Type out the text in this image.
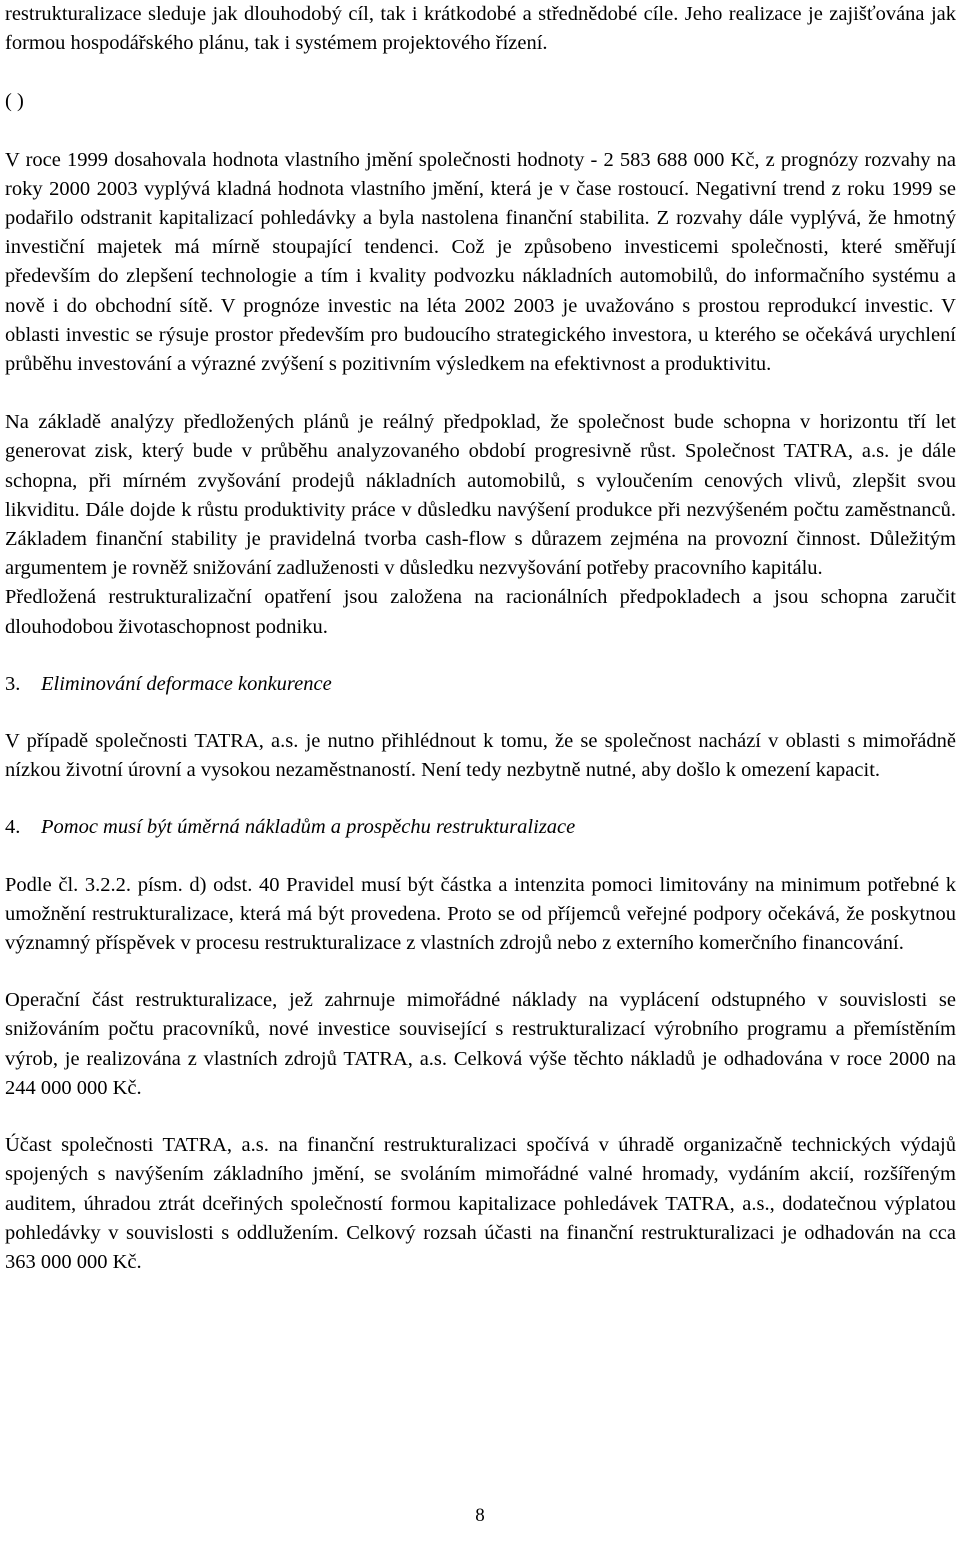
restrukturalizace sleduje jak dlouhodobý cíl, tak i krátkodobé a střednědobé cíle. Jeho realizace je zajišťována jak formou hospodářského plánu, tak i systémem projektového řízení.

( )

V roce 1999 dosahovala hodnota vlastního jmění společnosti hodnoty - 2 583 688 000 Kč, z prognózy rozvahy na roky 2000 2003 vyplývá kladná hodnota vlastního jmění, která je v čase rostoucí. Negativní trend z roku 1999 se podařilo odstranit kapitalizací pohledávky a byla nastolena finanční stabilita. Z rozvahy dále vyplývá, že hmotný investiční majetek má mírně stoupající tendenci. Což je způsobeno investicemi společnosti, které směřují především do zlepšení technologie a tím i kvality podvozku nákladních automobilů, do informačního systému a nově i do obchodní sítě. V prognóze investic na léta 2002 2003 je uvažováno s prostou reprodukcí investic. V oblasti investic se rýsuje prostor především pro budoucího strategického investora, u kterého se očekává urychlení průběhu investování a výrazné zvýšení s pozitivním výsledkem na efektivnost a produktivitu.

Na základě analýzy předložených plánů je reálný předpoklad, že společnost bude schopna v horizontu tří let generovat zisk, který bude v průběhu analyzovaného období progresivně růst. Společnost TATRA, a.s. je dále schopna, při mírném zvyšování prodejů nákladních automobilů, s vyloučením cenových vlivů, zlepšit svou likviditu. Dále dojde k růstu produktivity práce v důsledku navýšení produkce při nezvýšeném počtu zaměstnanců. Základem finanční stability je pravidelná tvorba cash-flow s důrazem zejména na provozní činnost. Důležitým argumentem je rovněž snižování zadluženosti v důsledku nezvyšování potřeby pracovního kapitálu.

Předložená restrukturalizační opatření jsou založena na racionálních předpokladech a jsou schopna zaručit dlouhodobou životaschopnost podniku.

3. Eliminování deformace konkurence

V případě společnosti TATRA, a.s. je nutno přihlédnout k tomu, že se společnost nachází v oblasti s mimořádně nízkou životní úrovní a vysokou nezaměstnaností. Není tedy nezbytně nutné, aby došlo k omezení kapacit.

4. Pomoc musí být úměrná nákladům a prospěchu restrukturalizace

Podle čl. 3.2.2. písm. d) odst. 40 Pravidel musí být částka a intenzita pomoci limitovány na minimum potřebné k umožnění restrukturalizace, která má být provedena. Proto se od příjemců veřejné podpory očekává, že poskytnou významný příspěvek v procesu restrukturalizace z vlastních zdrojů nebo z externího komerčního financování.

Operační část restrukturalizace, jež zahrnuje mimořádné náklady na vyplácení odstupného v souvislosti se snižováním počtu pracovníků, nové investice související s restrukturalizací výrobního programu a přemístěním výrob, je realizována z vlastních zdrojů TATRA, a.s. Celková výše těchto nákladů je odhadována v roce 2000 na 244 000 000 Kč.

Účast společnosti TATRA, a.s. na finanční restrukturalizaci spočívá v úhradě organizačně technických výdajů spojených s navýšením základního jmění, se svoláním mimořádné valné hromady, vydáním akcií, rozšířeným auditem, úhradou ztrát dceřiných společností formou kapitalizace pohledávek TATRA, a.s., dodatečnou výplatou pohledávky v souvislosti s oddlužením. Celkový rozsah účasti na finanční restrukturalizaci je odhadován na cca 363 000 000 Kč.

8
